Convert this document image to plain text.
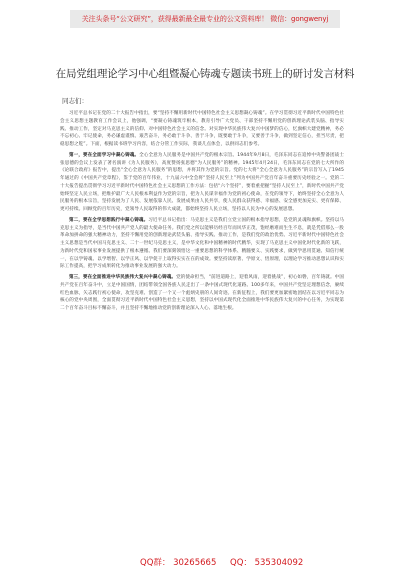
关注头条号“公文研究”，获得最新最全最专业的公文资料库！ 微信：gongwenyj
在局党组理论学习中心组暨凝心铸魂专题读书班上的研讨发言材料
同志们：

习近平总书记在党的二十大报告中指出，要“坚持不懈用新时代中国特色社会主义思想凝心铸魂”。在学习贯彻习近平新时代中国特色社会主义思想主题教育工作会议上，他强调，“要凝心铸魂筑牢根本，教育引导广大党员、干部坚持不懈用党的创新理论武装头脑、指导实践、推动工作，坚定对马克思主义的信仰、对中国特色社会主义的信念。对实现中华民族伟大复兴中国梦的信心，忆旗帜大建党精神，务必不忘初心、牢记使命，务必谦虚谨慎、艰苦奋斗，务必敢于斗争、善于斗争，既要敢于斗争，又要善于斗争，做到坚定信心，担当尽责，把稳思想之舵”。下面，根据读书班学习内容，结合分管工作实际，我谈几点体会，以供同志们参考。

第一，要在全面学习中凝心铸魂。全心全意为人民服务是中国共产党的根本宗旨。1944年9月8日，毛泽东同志在追悼中央警备团战士张思德的会议上发表了著名演讲《为人民服务》，高度赞扬张思德“为人民服务”的精神。1945年4月24日，毛泽东同志在党的七大所作的《论联合政府》报告中，提出“全心全意为人民服务”的思想，并将其作为党的宗旨。党的七大将“全心全意为人民服务”的宗旨写入了1945年通过的《中国共产党章程》，鉴于党的百年伟业，十九届六中全会将“坚持人民至上”列为中国共产党百年奋斗重要历史经验之一。党的二十大报告提出贯彻学习习近平新时代中国特色社会主义思想的工作方法：包括“六个坚持”，要着重把握“坚持人民至上”，新时代中国共产党始终坚定人民立场，把维护最广大人民根本利益作为党的宗旨，把为人民谋幸福作为党的初心使命，在党的领导下，始终坚持全心全意为人民服务的根本宗旨，坚持发展为了人民、发展依靠人民、发展成果由人民共享，使人民群众获得感、幸福感、安全感更加充实、更有保障、更可持续。回顾党的百年历史，党领导人民取得的伟大成就，都始终坚持人民立场，坚持以人民为中心的发展思想。

第二，要在全学思想践行中凝心铸魂。习近平总书记指出：马克思主义是我们立党立国的根本指导思想，是党的灵魂和旗帜。坚持以马克思主义为指导，是当代中国共产党人的最大使命任务。我们党之所以能够历经百年而风华正茂，饱经磨难而生生不息，就是凭借那么一股革命加拼命的强大精神动力，坚持不懈用党的创新理论武装头脑、指导实践、推动工作，是我们党的政治优势。习近平新时代中国特色社会主义思想是当代中国马克思主义、二十一世纪马克思主义，是中华文化和中国精神的时代精华，实现了马克思主义中国化时代化新的飞跃，为新时代党和国家事业发展提供了根本遵循。我们要深刻领悟这一重要思想的科学体系、精髓要义、实践要求，做到学思用贯通、知信行统一，在以学铸魂、以学增智、以学正风、以学促干上取得实实在在的成效。要坚持读原著、学原文、悟原理，以理论学习推动思想认识和实际工作提高，把学习成果转化为推动事业发展的强大动力。

第三，要在全面推进中华民族伟大复兴中凝心铸魂。党的使命担当，“前进道路上，迎着风雨，迎着挑战”，初心如磐，百年铸就。中国共产党在百年奋斗中，立足中国国情，团结带领全国各族人民走出了一条中国式现代化道路。100多年来，中国共产党坚定理想信念，赓续红色血脉，矢志践行初心使命，攻坚克难、创造了一个又一个彪炳史册的人间奇迹。在新征程上，我们要更加紧密地团结在以习近平同志为核心的党中央周围，全面贯彻习近平新时代中国特色社会主义思想，坚持以中国式现代化全面推进中华民族伟大复兴的中心任务，为实现第二个百年奋斗目标不懈奋斗，并且坚持不懈地推动党的创新理论深入人心、落地生根。

QQ群： 30265665 QQ： 535304092
